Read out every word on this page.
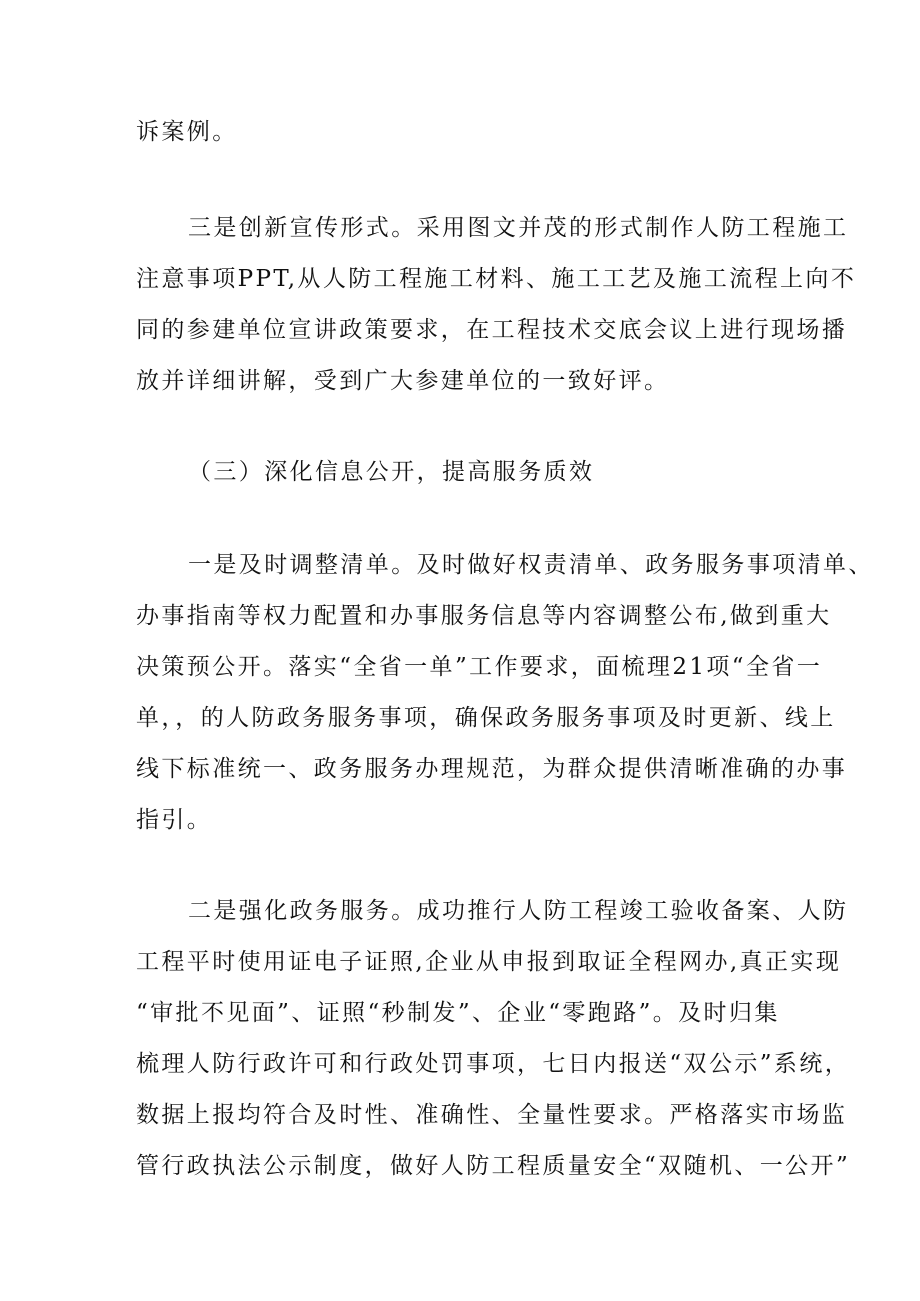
诉案例。
三是创新宣传形式。采用图文并茂的形式制作人防工程施工
注意事项PPT,从人防工程施工材料、施工工艺及施工流程上向不
同的参建单位宣讲政策要求，在工程技术交底会议上进行现场播
放并详细讲解，受到广大参建单位的一致好评。
（三）深化信息公开，提高服务质效
一是及时调整清单。及时做好权责清单、政务服务事项清单、
办事指南等权力配置和办事服务信息等内容调整公布,做到重大
决策预公开。落实“全省一单”工作要求，面梳理21项“全省一
单，，的人防政务服务事项，确保政务服务事项及时更新、线上
线下标准统一、政务服务办理规范，为群众提供清晰准确的办事
指引。
二是强化政务服务。成功推行人防工程竣工验收备案、人防
工程平时使用证电子证照,企业从申报到取证全程网办,真正实现
“审批不见面”、证照“秒制发”、企业“零跑路”。及时归集
梳理人防行政许可和行政处罚事项，七日内报送“双公示”系统，
数据上报均符合及时性、准确性、全量性要求。严格落实市场监
管行政执法公示制度，做好人防工程质量安全“双随机、一公开”
